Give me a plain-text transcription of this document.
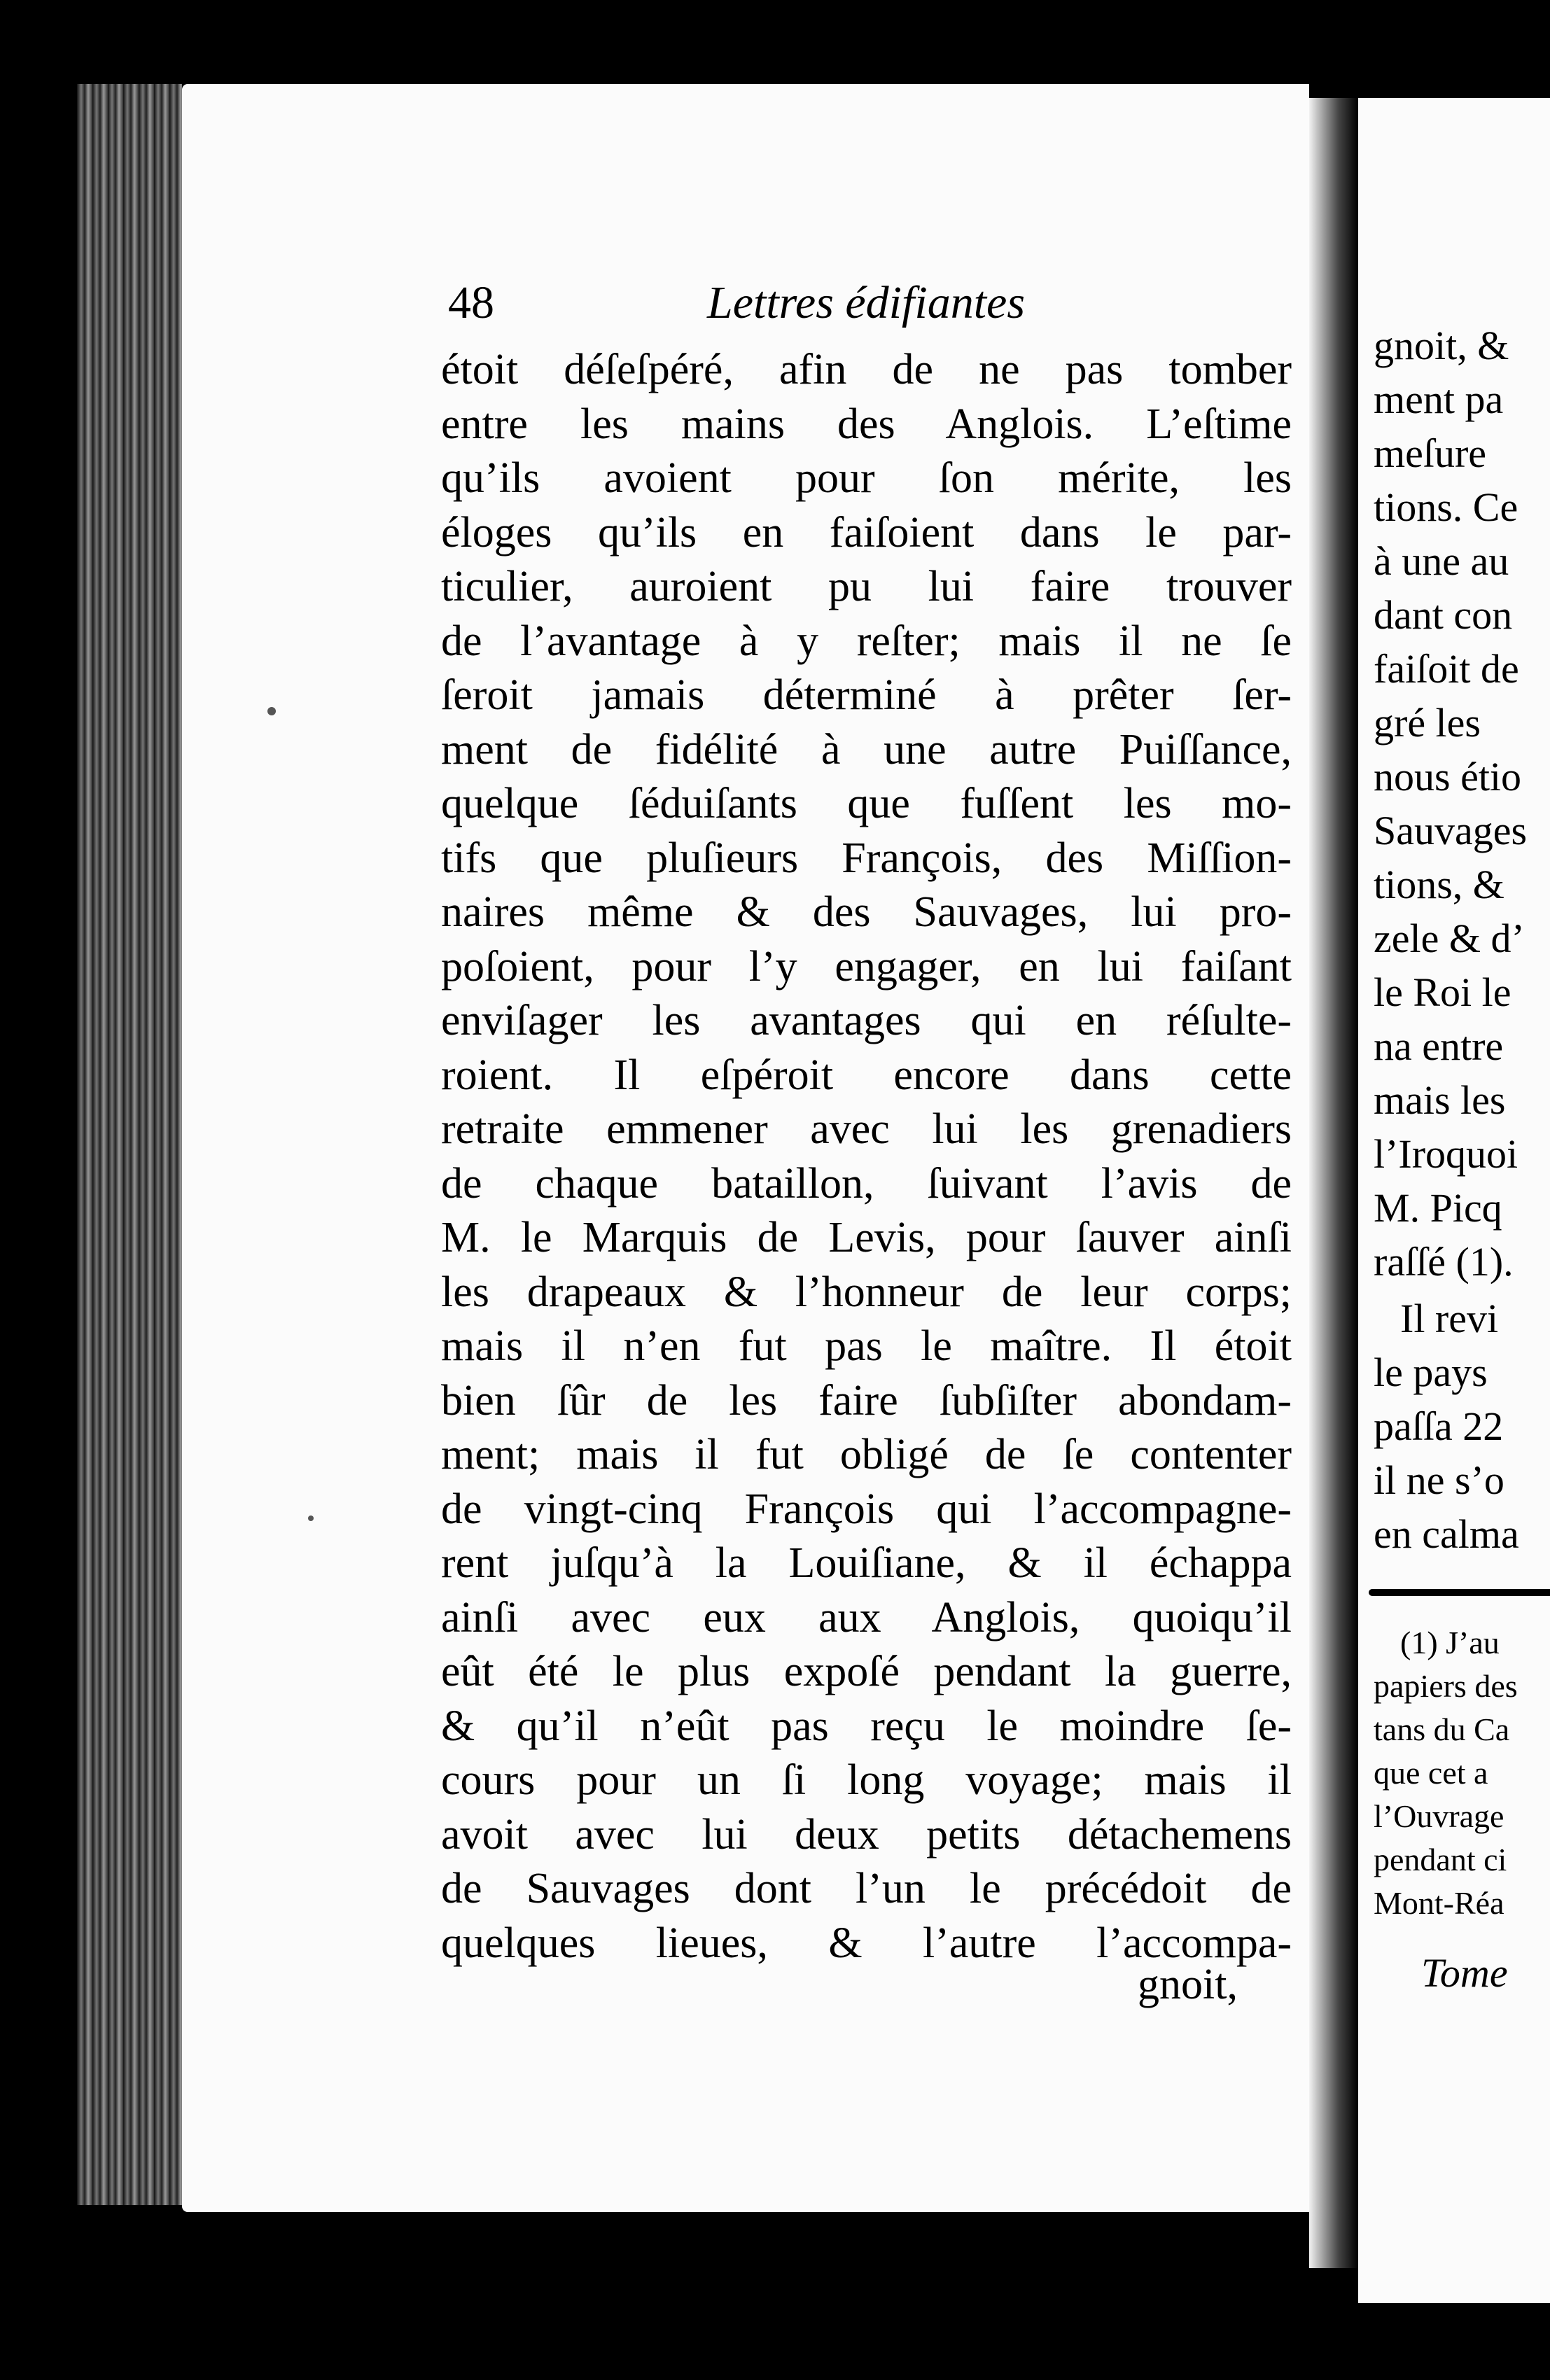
48	Lettres édifiantes
étoit déſeſpéré, afin de ne pas tomber
entre les mains des Anglois. L’eſtime
qu’ils avoient pour ſon mérite, les
éloges qu’ils en faiſoient dans le par-
ticulier, auroient pu lui faire trouver
de l’avantage à y reſter; mais il ne ſe
ſeroit jamais déterminé à prêter ſer-
ment de fidélité à une autre Puiſſance,
quelque ſéduiſants que fuſſent les mo-
tifs que pluſieurs François, des Miſſion-
naires même & des Sauvages, lui pro-
poſoient, pour l’y engager, en lui faiſant
enviſager les avantages qui en réſulte-
roient. Il eſpéroit encore dans cette
retraite emmener avec lui les grenadiers
de chaque bataillon, ſuivant l’avis de
M. le Marquis de Levis, pour ſauver ainſi
les drapeaux & l’honneur de leur corps;
mais il n’en fut pas le maître. Il étoit
bien ſûr de les faire ſubſiſter abondam-
ment; mais il fut obligé de ſe contenter
de vingt-cinq François qui l’accompagne-
rent juſqu’à la Louiſiane, & il échappa
ainſi avec eux aux Anglois, quoiqu’il
eût été le plus expoſé pendant la guerre,
& qu’il n’eût pas reçu le moindre ſe-
cours pour un ſi long voyage; mais il
avoit avec lui deux petits détachemens
de Sauvages dont l’un le précédoit de
quelques lieues, & l’autre l’accompa-
gnoit,
gnoit, &
ment pa
meſure
tions. Ce
à une au
dant con
faiſoit de
gré les
nous étio
Sauvages
tions, &
zele & d’
le Roi le
na entre
mais les
l’Iroquoi
M. Picq
raſſé (1).
Il revi
le pays
paſſa 22
il ne s’o
en calma
(1) J’au
papiers des
tans du Ca
que cet a
l’Ouvrage
pendant ci
Mont-Réa
Tome
